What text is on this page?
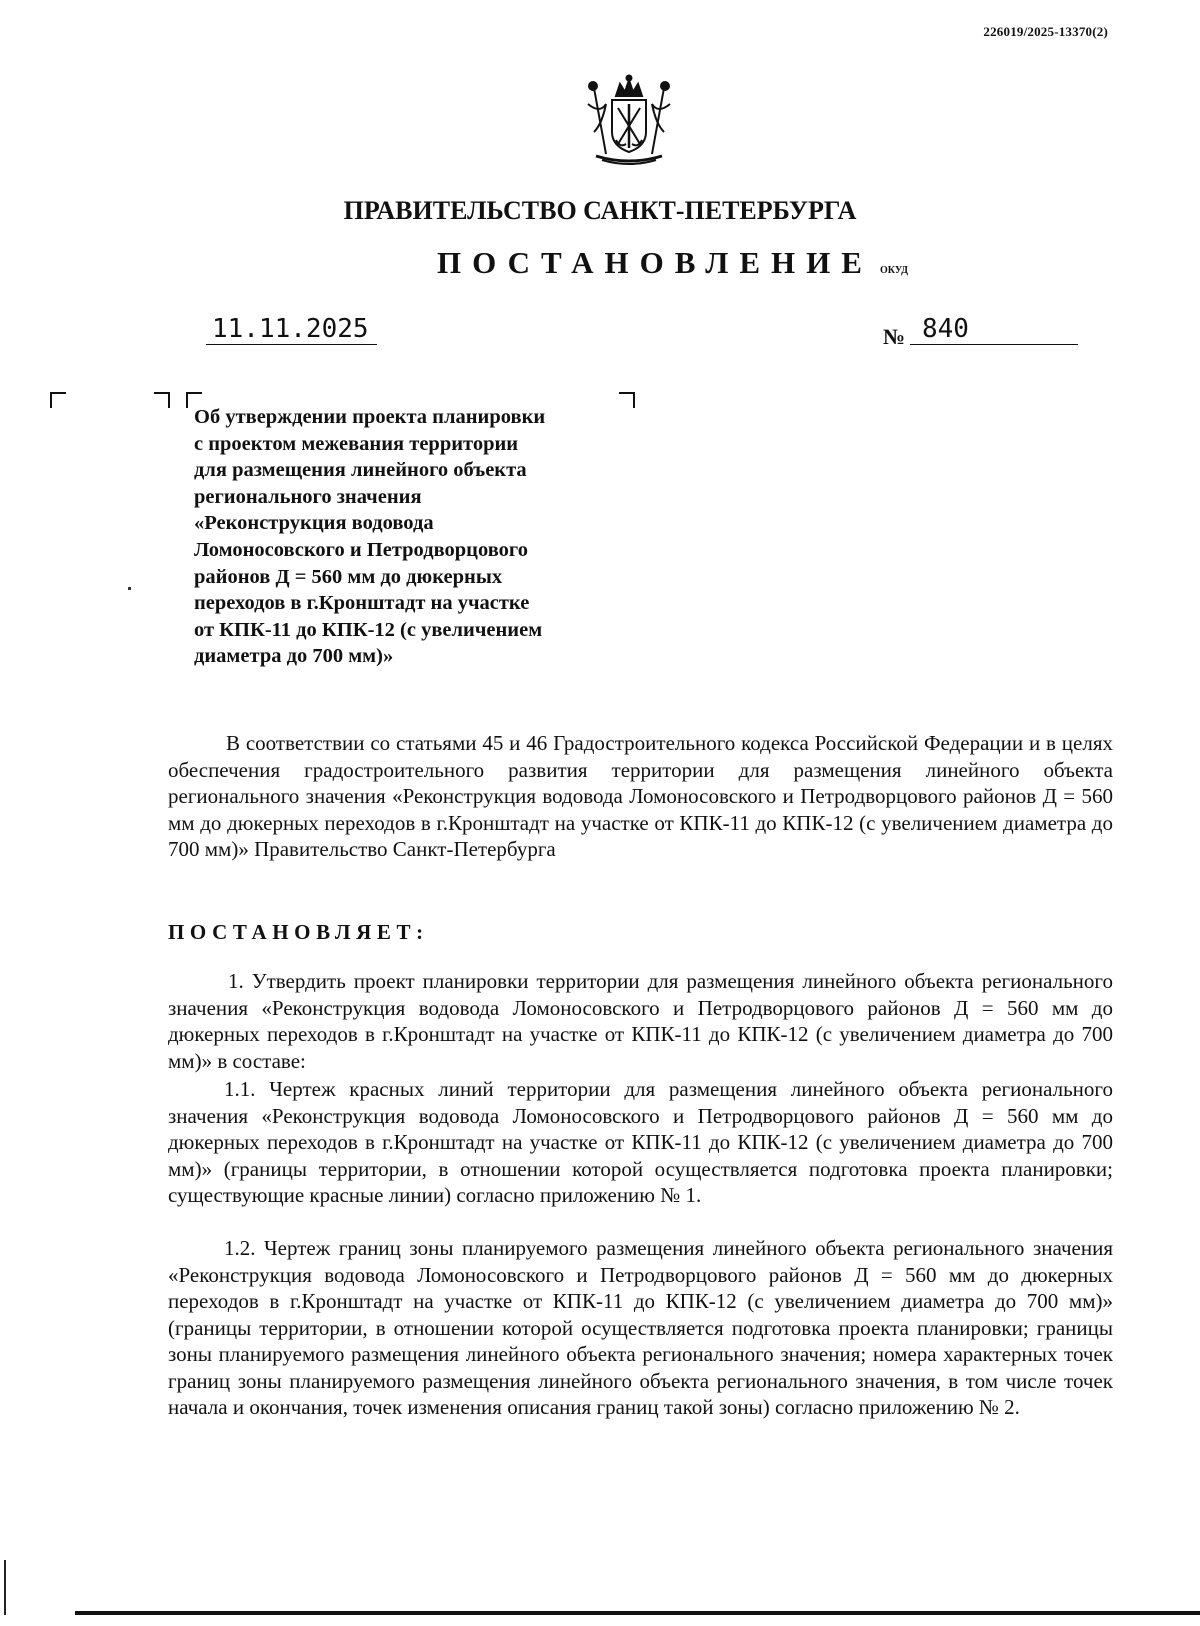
226019/2025-13370(2)
ПРАВИТЕЛЬСТВО САНКТ-ПЕТЕРБУРГА
ПОСТАНОВЛЕНИЕ ОКУД
11.11.2025	№ 840
Об утверждении проекта планировки
с проектом межевания территории
для размещения линейного объекта
регионального значения
«Реконструкция водовода
Ломоносовского и Петродворцового
районов Д = 560 мм до дюкерных
переходов в г.Кронштадт на участке
от КПК-11 до КПК-12 (с увеличением
диаметра до 700 мм)»
В соответствии со статьями 45 и 46 Градостроительного кодекса Российской Федерации и в целях обеспечения градостроительного развития территории для размещения линейного объекта регионального значения «Реконструкция водовода Ломоносовского и Петродворцового районов Д = 560 мм до дюкерных переходов в г.Кронштадт на участке от КПК-11 до КПК-12 (с увеличением диаметра до 700 мм)» Правительство Санкт-Петербурга
ПОСТАНОВЛЯЕТ:
1. Утвердить проект планировки территории для размещения линейного объекта регионального значения «Реконструкция водовода Ломоносовского и Петродворцового районов Д = 560 мм до дюкерных переходов в г.Кронштадт на участке от КПК-11 до КПК-12 (с увеличением диаметра до 700 мм)» в составе:
1.1. Чертеж красных линий территории для размещения линейного объекта регионального значения «Реконструкция водовода Ломоносовского и Петродворцового районов Д = 560 мм до дюкерных переходов в г.Кронштадт на участке от КПК-11 до КПК-12 (с увеличением диаметра до 700 мм)» (границы территории, в отношении которой осуществляется подготовка проекта планировки; существующие красные линии) согласно приложению № 1.
1.2. Чертеж границ зоны планируемого размещения линейного объекта регионального значения «Реконструкция водовода Ломоносовского и Петродворцового районов Д = 560 мм до дюкерных переходов в г.Кронштадт на участке от КПК-11 до КПК-12 (с увеличением диаметра до 700 мм)» (границы территории, в отношении которой осуществляется подготовка проекта планировки; границы зоны планируемого размещения линейного объекта регионального значения; номера характерных точек границ зоны планируемого размещения линейного объекта регионального значения, в том числе точек начала и окончания, точек изменения описания границ такой зоны) согласно приложению № 2.
